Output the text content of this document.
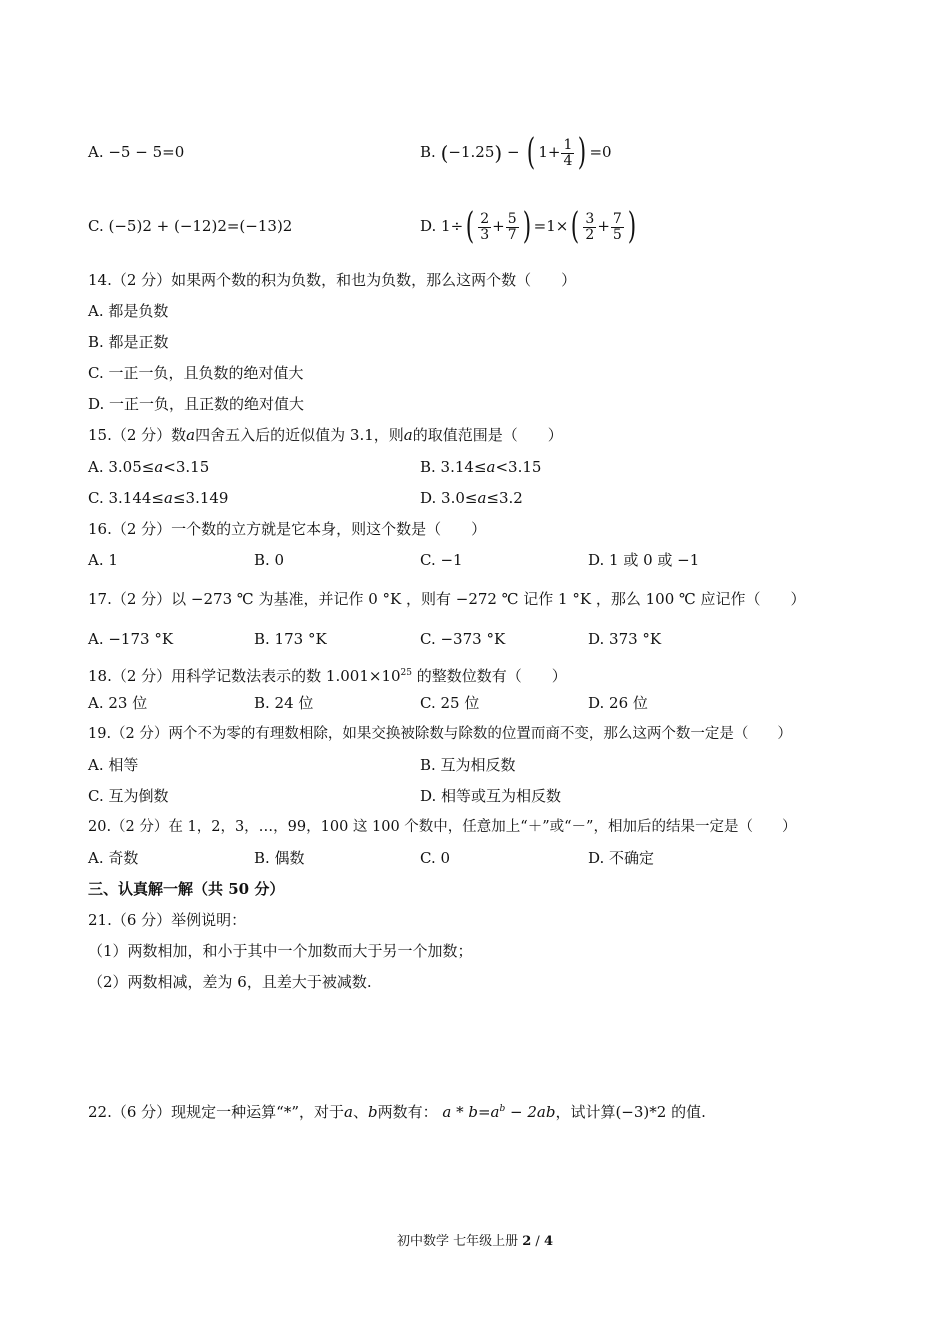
A. −5 − 5=0	B. (−1.25) − ( $1+ \frac{1}{4}$ ) =0
C. (−5)2 + (−12)2=(−13)2	D. $1\div( \frac{2}{3} + \frac{5}{7}$ ) $=1\times( \frac{3}{2} + \frac{7}{5}$ )
14.（2 分）如果两个数的积为负数，和也为负数，那么这两个数（　　）
A. 都是负数
B. 都是正数
C. 一正一负，且负数的绝对值大
D. 一正一负，且正数的绝对值大
15.（2 分）数a四舍五入后的近似值为 3.1，则a的取值范围是（　　）
A. 3.05≤a<3.15	B. 3.14≤a<3.15
C. 3.144≤a≤3.149	D. 3.0≤a≤3.2
16.（2 分）一个数的立方就是它本身，则这个数是（　　）
A. 1	B. 0	C. −1	D. 1 或 0 或 −1
17.（2 分）以 −273 ℃ 为基准，并记作 0 °K ，则有 −272 ℃ 记作 1 °K ，那么 100 ℃ 应记作（　　）
A. −173 °K	B. 173 °K	C. −373 °K	D. 373 °K
18.（2 分）用科学记数法表示的数 $1.001\times 10^{25}$ 的整数位数有（　　）
A. 23 位	B. 24 位	C. 25 位	D. 26 位
19.（2 分）两个不为零的有理数相除，如果交换被除数与除数的位置而商不变，那么这两个数一定是（　　）
A. 相等	B. 互为相反数
C. 互为倒数	D. 相等或互为相反数
20.（2 分）在 1，2，3，…，99，100 这 100 个数中，任意加上“＋”或“－”，相加后的结果一定是（　　）
A. 奇数	B. 偶数	C. 0	D. 不确定
三、认真解一解（共 50 分）
21.（6 分）举例说明：
（1）两数相加，和小于其中一个加数而大于另一个加数；
（2）两数相减，差为 6，且差大于被减数.
22.（6 分）现规定一种运算“*”，对于a、b两数有： $a * b=a^b - 2ab$，试计算(−3)*2 的值.
初中数学 七年级上册 2 / 4
